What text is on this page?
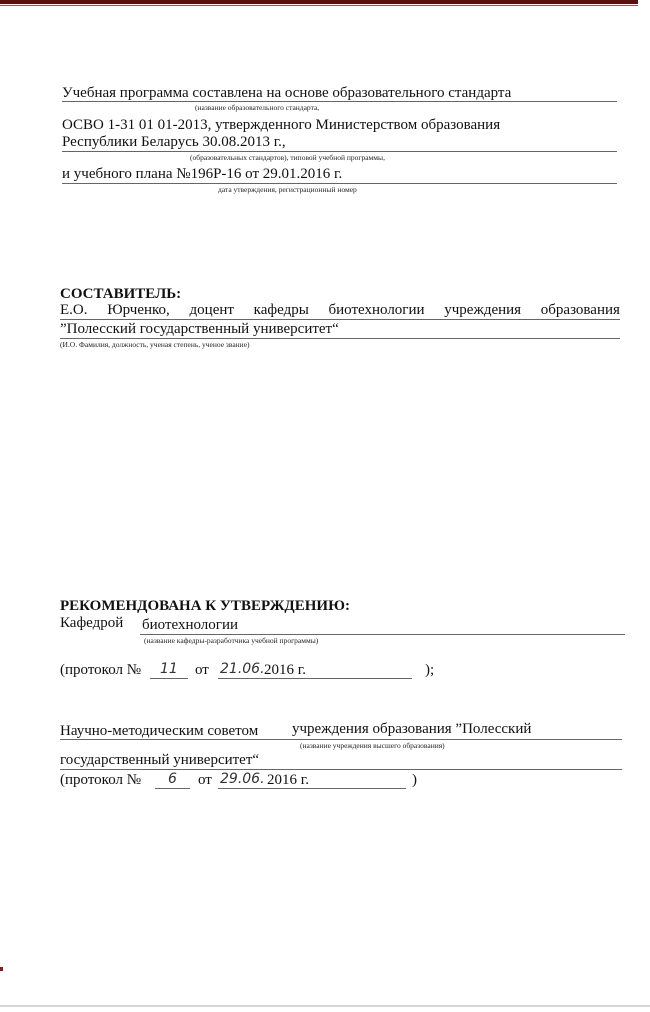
Учебная программа составлена на основе образовательного стандарта
(название образовательного стандарта,
ОСВО 1-31 01 01-2013, утвержденного Министерством образования
Республики Беларусь 30.08.2013 г.,
(образовательных стандартов), типовой учебной программы,
и учебного плана №196Р-16 от 29.01.2016 г.
дата утверждения, регистрационный номер
СОСТАВИТЕЛЬ:
Е.О. Юрченко, доцент кафедры биотехнологии учреждения образования
”Полесский государственный университет“
(И.О. Фамилия, должность, ученая степень, ученое звание)
РЕКОМЕНДОВАНА К УТВЕРЖДЕНИЮ:
Кафедрой биотехнологии
(название кафедры-разработчика учебной программы)
(протокол № 11 от 21.06. 2016 г.	);
Научно-методическим советом учреждения образования ”Полесский
(название учреждения высшего образования)
государственный университет“
(протокол № 6 от 29.06. 2016 г.	)
